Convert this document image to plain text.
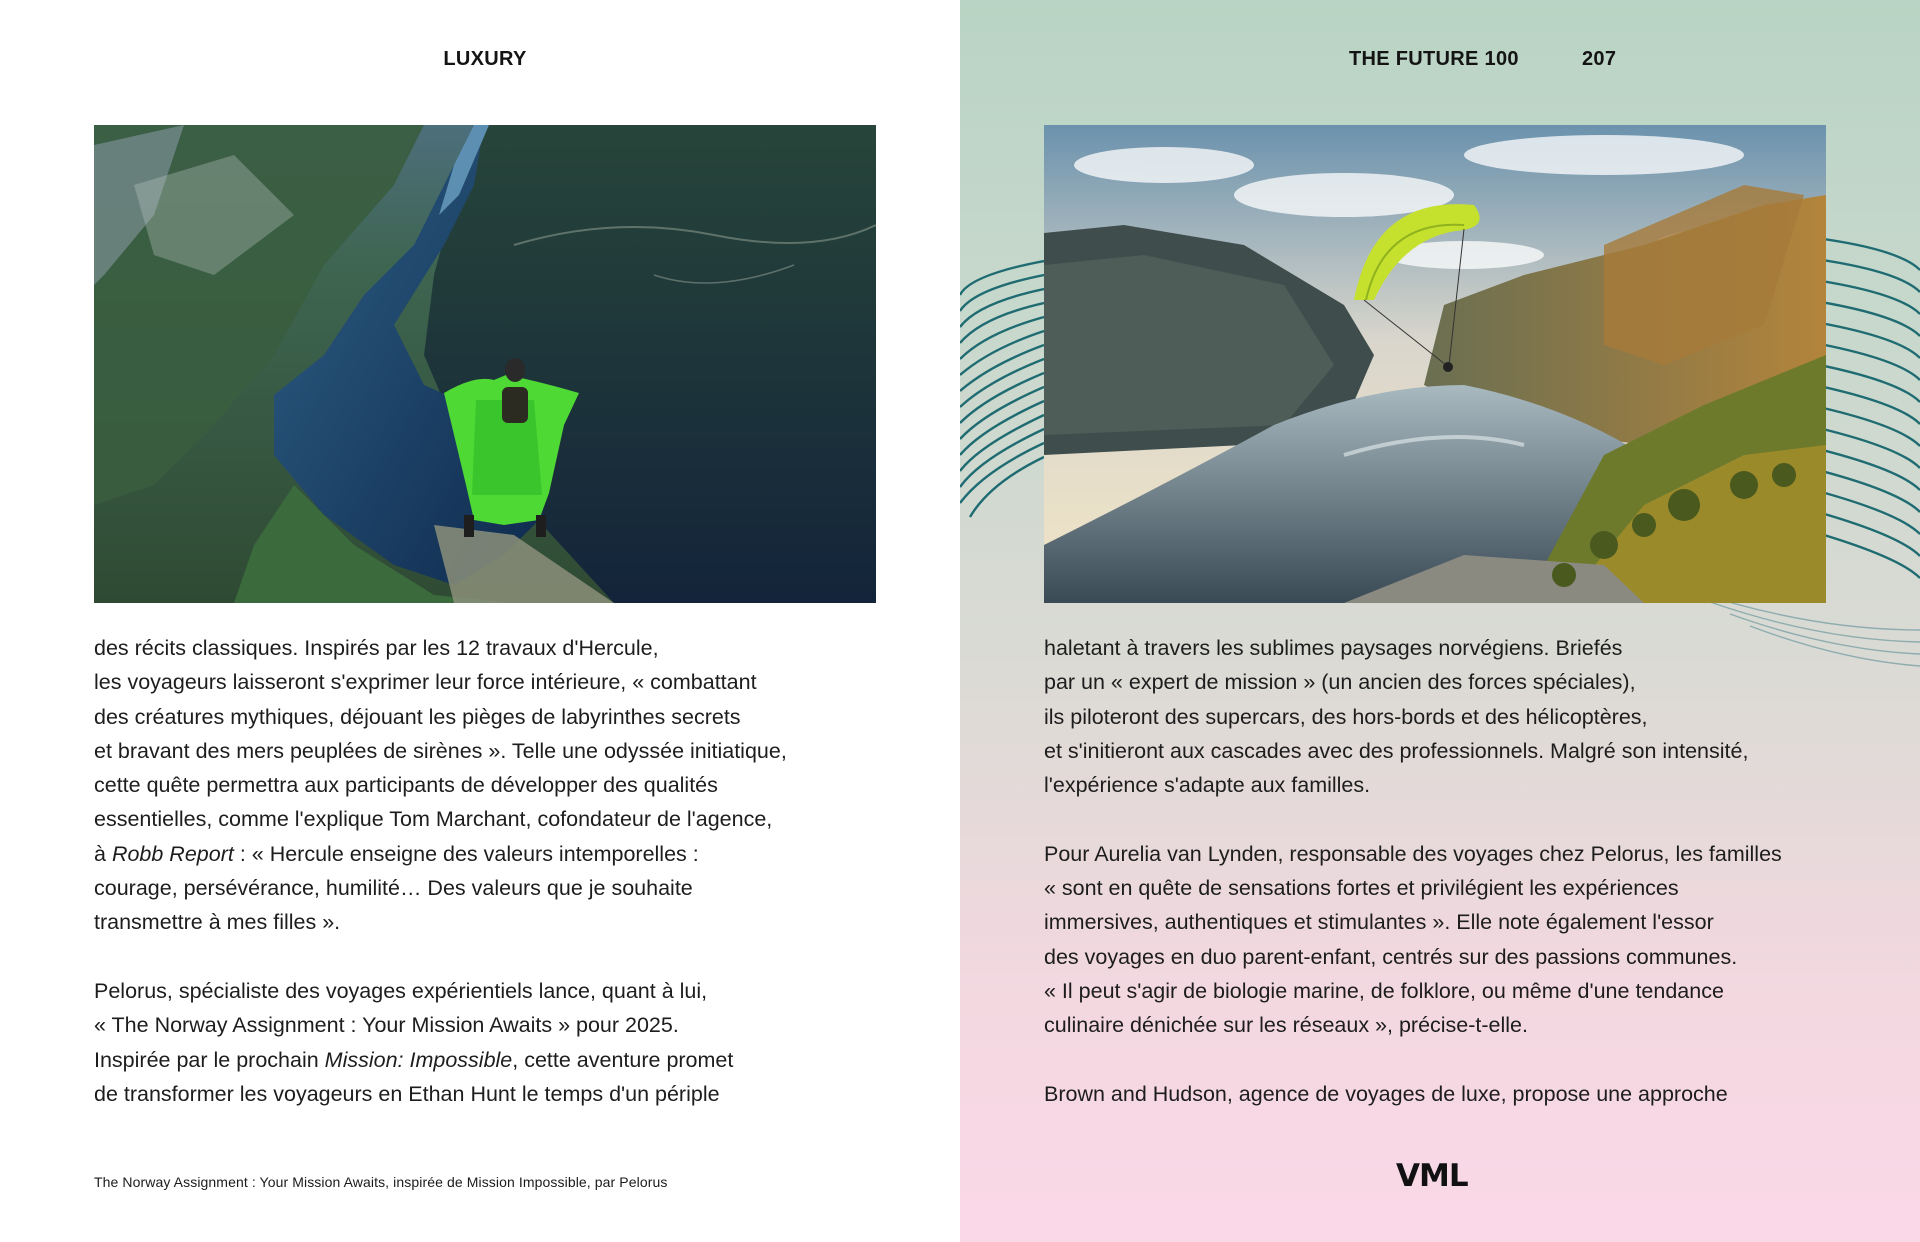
LUXURY

des récits classiques. Inspirés par les 12 travaux d'Hercule,
les voyageurs laisseront s'exprimer leur force intérieure, « combattant
des créatures mythiques, déjouant les pièges de labyrinthes secrets
et bravant des mers peuplées de sirènes ». Telle une odyssée initiatique,
cette quête permettra aux participants de développer des qualités
essentielles, comme l'explique Tom Marchant, cofondateur de l'agence,
à Robb Report : « Hercule enseigne des valeurs intemporelles :
courage, persévérance, humilité… Des valeurs que je souhaite
transmettre à mes filles ».

Pelorus, spécialiste des voyages expérientiels lance, quant à lui,
« The Norway Assignment : Your Mission Awaits » pour 2025.
Inspirée par le prochain Mission: Impossible, cette aventure promet
de transformer les voyageurs en Ethan Hunt le temps d'un périple

The Norway Assignment : Your Mission Awaits, inspirée de Mission Impossible, par Pelorus
THE FUTURE 100	207

haletant à travers les sublimes paysages norvégiens. Briefés
par un « expert de mission » (un ancien des forces spéciales),
ils piloteront des supercars, des hors-bords et des hélicoptères,
et s'initieront aux cascades avec des professionnels. Malgré son intensité,
l'expérience s'adapte aux familles.

Pour Aurelia van Lynden, responsable des voyages chez Pelorus, les familles
« sont en quête de sensations fortes et privilégient les expériences
immersives, authentiques et stimulantes ». Elle note également l'essor
des voyages en duo parent-enfant, centrés sur des passions communes.
« Il peut s'agir de biologie marine, de folklore, ou même d'une tendance
culinaire dénichée sur les réseaux », précise-t-elle.

Brown and Hudson, agence de voyages de luxe, propose une approche

VML
